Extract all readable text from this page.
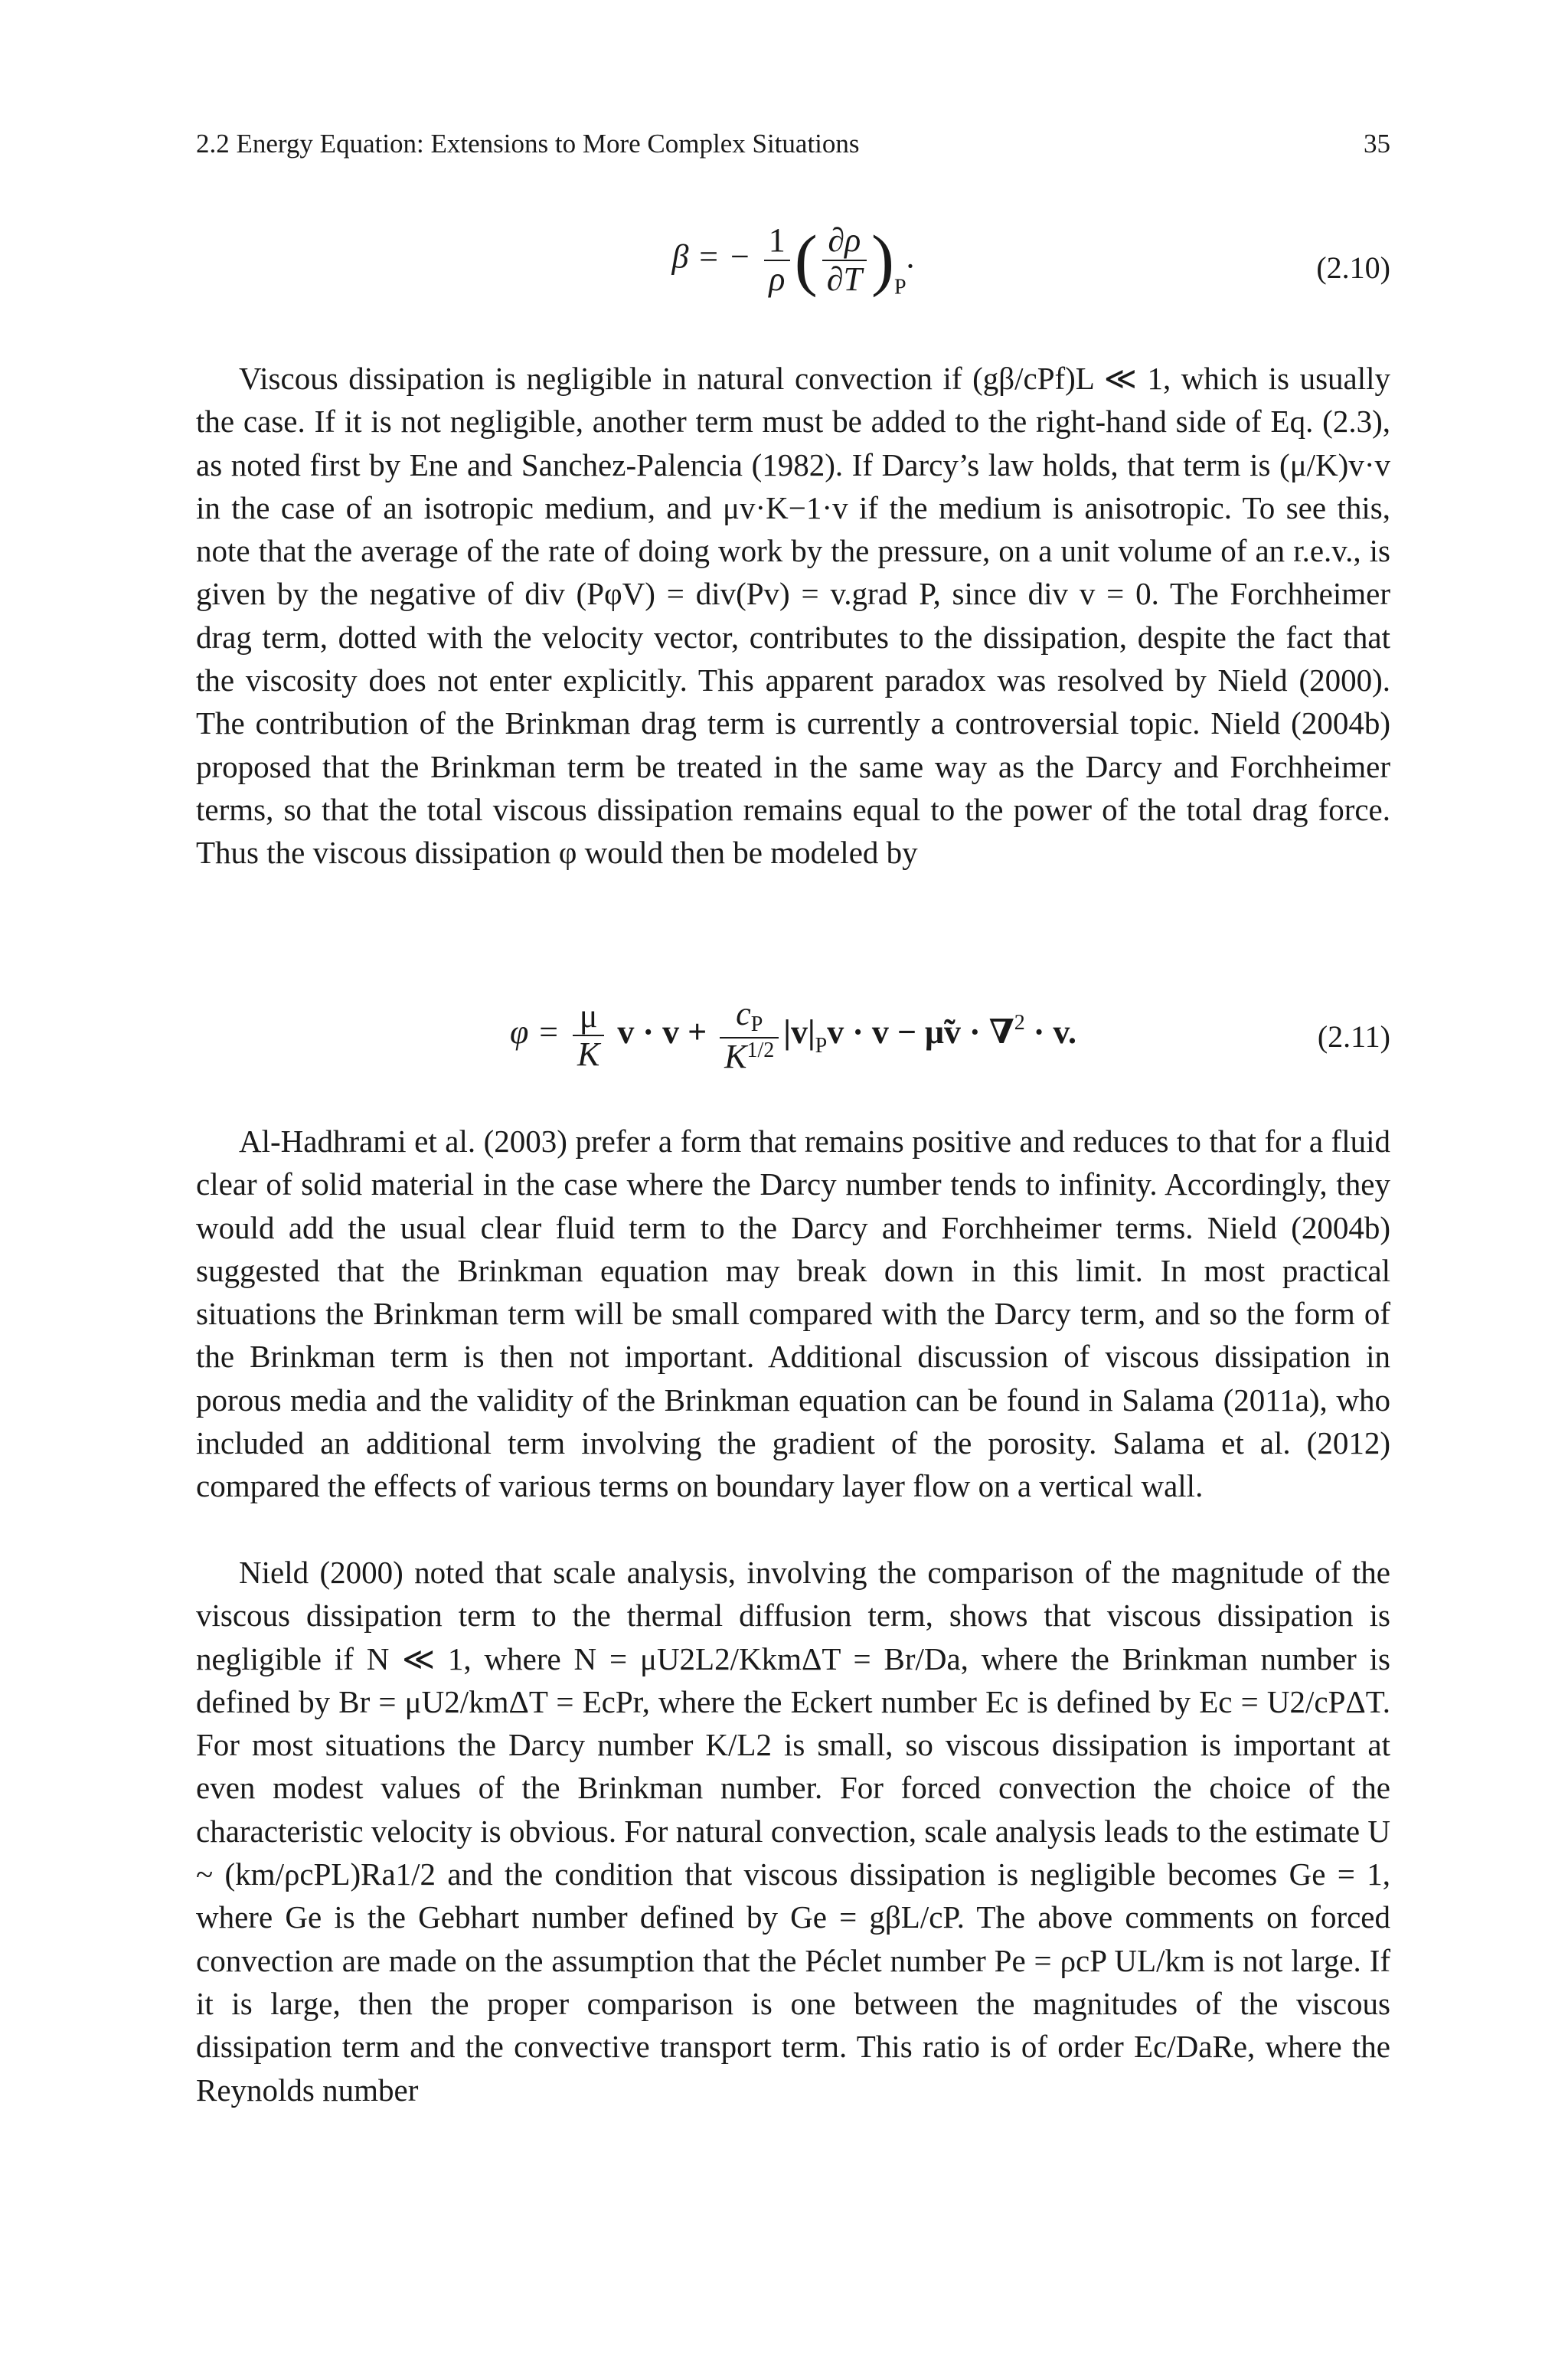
2.2 Energy Equation: Extensions to More Complex Situations	35
β = − $\frac{1}{\rho}$ ( $\frac{\partial\rho}{\partial T} )_P$.	(2.10)

Viscous dissipation is negligible in natural convection if (gβ/cPf)L ≪ 1, which is usually the case. If it is not negligible, another term must be added to the right-hand side of Eq. (2.3), as noted first by Ene and Sanchez-Palencia (1982). If Darcy’s law holds, that term is (μ/K)v·v in the case of an isotropic medium, and μv·K−1·v if the medium is anisotropic. To see this, note that the average of the rate of doing work by the pressure, on a unit volume of an r.e.v., is given by the negative of div (PφV) = div(Pv) = v.grad P, since div v = 0. The Forchheimer drag term, dotted with the velocity vector, contributes to the dissipation, despite the fact that the viscosity does not enter explicitly. This apparent paradox was resolved by Nield (2000). The contribution of the Brinkman drag term is currently a controversial topic. Nield (2004b) proposed that the Brinkman term be treated in the same way as the Darcy and Forchheimer terms, so that the total viscous dissipation remains equal to the power of the total drag force. Thus the viscous dissipation φ would then be modeled by

$\varphi = \frac{\mu}{K}$ $v \cdot v + \frac{c_P}{K^{1/2}} |v|_Pv \cdot v$ − μ̃v · ∇$^2$ · v.	(2.11)

Al-Hadhrami et al. (2003) prefer a form that remains positive and reduces to that for a fluid clear of solid material in the case where the Darcy number tends to infinity. Accordingly, they would add the usual clear fluid term to the Darcy and Forchheimer terms. Nield (2004b) suggested that the Brinkman equation may break down in this limit. In most practical situations the Brinkman term will be small compared with the Darcy term, and so the form of the Brinkman term is then not important. Additional discussion of viscous dissipation in porous media and the validity of the Brinkman equation can be found in Salama (2011a), who included an additional term involving the gradient of the porosity. Salama et al. (2012) compared the effects of various terms on boundary layer flow on a vertical wall.

Nield (2000) noted that scale analysis, involving the comparison of the magnitude of the viscous dissipation term to the thermal diffusion term, shows that viscous dissipation is negligible if N ≪ 1, where N = μU2L2/KkmΔT = Br/Da, where the Brinkman number is defined by Br = μU2/kmΔT = EcPr, where the Eckert number Ec is defined by Ec = U2/cPΔT. For most situations the Darcy number K/L2 is small, so viscous dissipation is important at even modest values of the Brinkman number. For forced convection the choice of the characteristic velocity is obvious. For natural convection, scale analysis leads to the estimate U ~ (km/ρcPL)Ra1/2 and the condition that viscous dissipation is negligible becomes Ge = 1, where Ge is the Gebhart number defined by Ge = gβL/cP. The above comments on forced convection are made on the assumption that the Péclet number Pe = ρcP UL/km is not large. If it is large, then the proper comparison is one between the magnitudes of the viscous dissipation term and the convective transport term. This ratio is of order Ec/DaRe, where the Reynolds number
